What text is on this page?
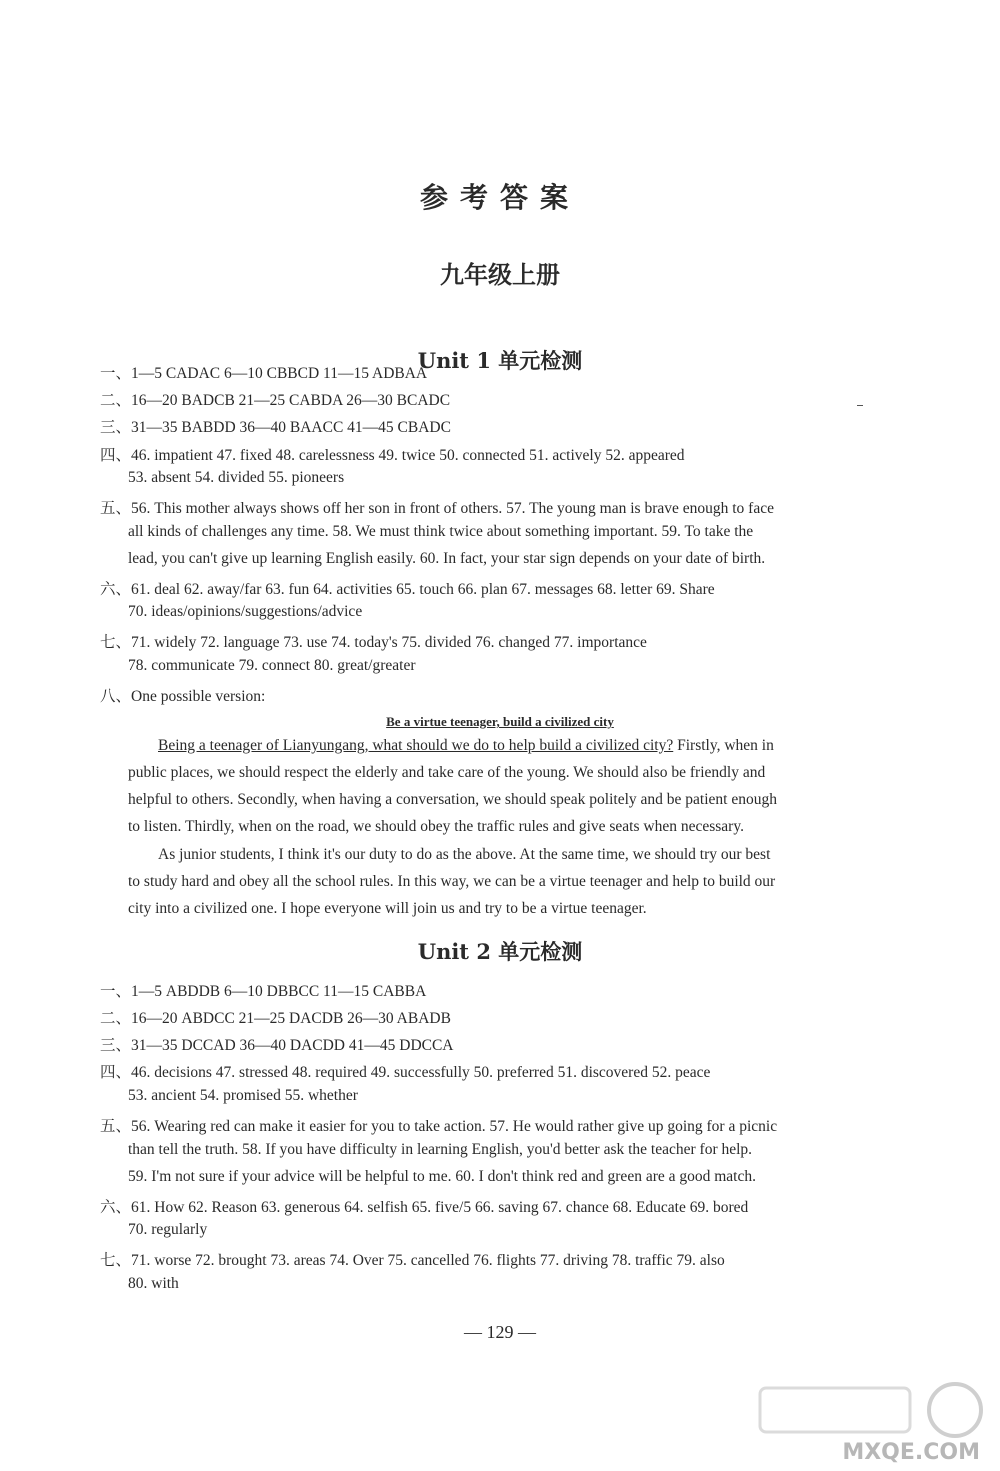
参考答案
九年级上册
Unit 1 单元检测
一、1—5 CADAC 6—10 CBBCD 11—15 ADBAA
二、16—20 BADCB 21—25 CABDA 26—30 BCADC
三、31—35 BABDD 36—40 BAACC 41—45 CBADC
四、46. impatient 47. fixed 48. carelessness 49. twice 50. connected 51. actively 52. appeared
53. absent 54. divided 55. pioneers
五、56. This mother always shows off her son in front of others. 57. The young man is brave enough to face
all kinds of challenges any time. 58. We must think twice about something important. 59. To take the
lead, you can't give up learning English easily. 60. In fact, your star sign depends on your date of birth.
六、61. deal 62. away/far 63. fun 64. activities 65. touch 66. plan 67. messages 68. letter 69. Share
70. ideas/opinions/suggestions/advice
七、71. widely 72. language 73. use 74. today's 75. divided 76. changed 77. importance
78. communicate 79. connect 80. great/greater
八、One possible version:
Be a virtue teenager, build a civilized city
Being a teenager of Lianyungang, what should we do to help build a civilized city? Firstly, when in
public places, we should respect the elderly and take care of the young. We should also be friendly and
helpful to others. Secondly, when having a conversation, we should speak politely and be patient enough
to listen. Thirdly, when on the road, we should obey the traffic rules and give seats when necessary.
As junior students, I think it's our duty to do as the above. At the same time, we should try our best
to study hard and obey all the school rules. In this way, we can be a virtue teenager and help to build our
city into a civilized one. I hope everyone will join us and try to be a virtue teenager.
Unit 2 单元检测
一、1—5 ABDDB 6—10 DBBCC 11—15 CABBA
二、16—20 ABDCC 21—25 DACDB 26—30 ABADB
三、31—35 DCCAD 36—40 DACDD 41—45 DDCCA
四、46. decisions 47. stressed 48. required 49. successfully 50. preferred 51. discovered 52. peace
53. ancient 54. promised 55. whether
五、56. Wearing red can make it easier for you to take action. 57. He would rather give up going for a picnic
than tell the truth. 58. If you have difficulty in learning English, you'd better ask the teacher for help.
59. I'm not sure if your advice will be helpful to me. 60. I don't think red and green are a good match.
六、61. How 62. Reason 63. generous 64. selfish 65. five/5 66. saving 67. chance 68. Educate 69. bored
70. regularly
七、71. worse 72. brought 73. areas 74. Over 75. cancelled 76. flights 77. driving 78. traffic 79. also
80. with
— 129 —
MXQE.COM
